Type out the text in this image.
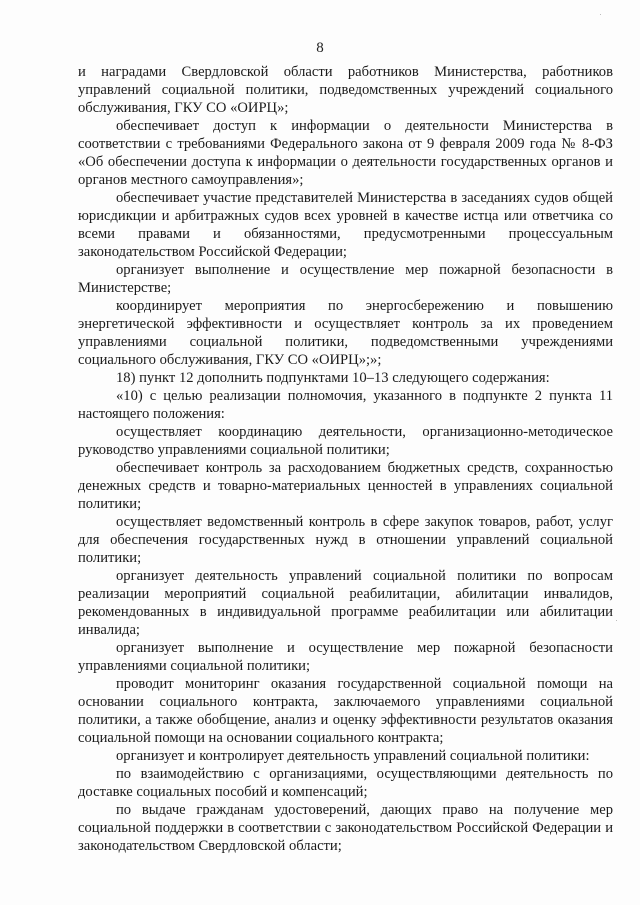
8

и наградами Свердловской области работников Министерства, работников управлений социальной политики, подведомственных учреждений социального обслуживания, ГКУ СО «ОИРЦ»;

обеспечивает доступ к информации о деятельности Министерства в соответствии с требованиями Федерального закона от 9 февраля 2009 года № 8-ФЗ «Об обеспечении доступа к информации о деятельности государственных органов и органов местного самоуправления»;

обеспечивает участие представителей Министерства в заседаниях судов общей юрисдикции и арбитражных судов всех уровней в качестве истца или ответчика со всеми правами и обязанностями, предусмотренными процессуальным законодательством Российской Федерации;

организует выполнение и осуществление мер пожарной безопасности в Министерстве;

координирует мероприятия по энергосбережению и повышению энергетической эффективности и осуществляет контроль за их проведением управлениями социальной политики, подведомственными учреждениями социального обслуживания, ГКУ СО «ОИРЦ»;»;

18) пункт 12 дополнить подпунктами 10–13 следующего содержания:

«10) с целью реализации полномочия, указанного в подпункте 2 пункта 11 настоящего положения:

осуществляет координацию деятельности, организационно-методическое руководство управлениями социальной политики;

обеспечивает контроль за расходованием бюджетных средств, сохранностью денежных средств и товарно-материальных ценностей в управлениях социальной политики;

осуществляет ведомственный контроль в сфере закупок товаров, работ, услуг для обеспечения государственных нужд в отношении управлений социальной политики;

организует деятельность управлений социальной политики по вопросам реализации мероприятий социальной реабилитации, абилитации инвалидов, рекомендованных в индивидуальной программе реабилитации или абилитации инвалида;

организует выполнение и осуществление мер пожарной безопасности управлениями социальной политики;

проводит мониторинг оказания государственной социальной помощи на основании социального контракта, заключаемого управлениями социальной политики, а также обобщение, анализ и оценку эффективности результатов оказания социальной помощи на основании социального контракта;

организует и контролирует деятельность управлений социальной политики:

по взаимодействию с организациями, осуществляющими деятельность по доставке социальных пособий и компенсаций;

по выдаче гражданам удостоверений, дающих право на получение мер социальной поддержки в соответствии с законодательством Российской Федерации и законодательством Свердловской области;
